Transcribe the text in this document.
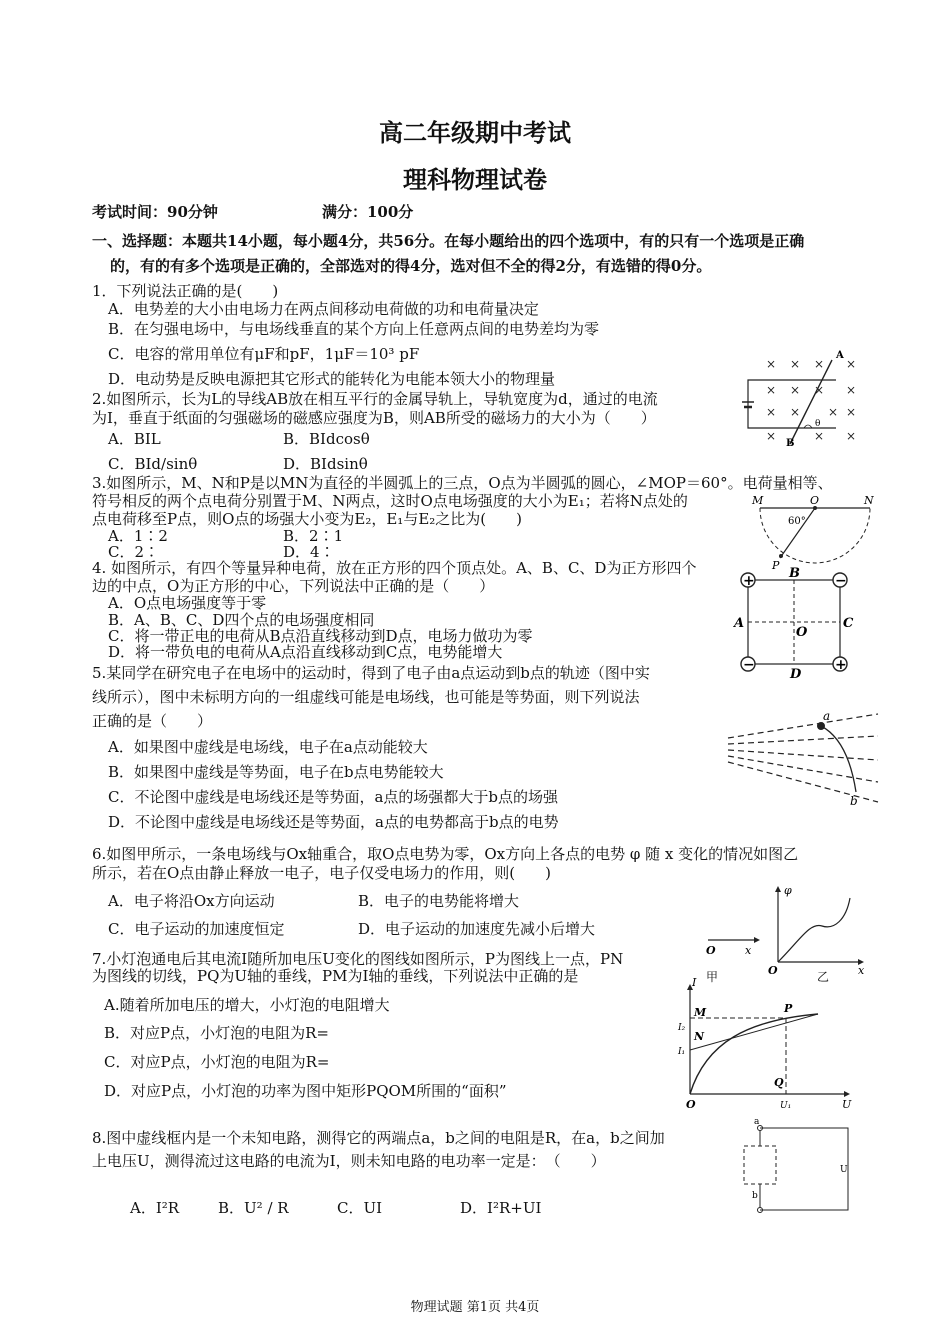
高二年级期中考试
理科物理试卷
考试时间：90分钟	满分：100分
一、选择题：本题共14小题，每小题4分，共56分。在每小题给出的四个选项中，有的只有一个选项是正确
的，有的有多个选项是正确的，全部选对的得4分，选对但不全的得2分，有选错的得0分。
1．下列说法正确的是(　　)
A．电势差的大小由电场力在两点间移动电荷做的功和电荷量决定
B．在匀强电场中，与电场线垂直的某个方向上任意两点间的电势差均为零
C．电容的常用单位有μF和pF，1μF＝10³ pF
D．电动势是反映电源把其它形式的能转化为电能本领大小的物理量
2.如图所示，长为L的导线AB放在相互平行的金属导轨上，导轨宽度为d，通过的电流
为I，垂直于纸面的匀强磁场的磁感应强度为B，则AB所受的磁场力的大小为（　　）
A．BIL	B．BIdcosθ
C．BId/sinθ	D．BIdsinθ
× × × ×
× × × ×
× × × ×
×	× ×
A
B
θ
3.如图所示，M、N和P是以MN为直径的半圆弧上的三点，O点为半圆弧的圆心，∠MOP＝60°。电荷量相等、
符号相反的两个点电荷分别置于M、N两点，这时O点电场强度的大小为E₁；若将N点处的
点电荷移至P点，则O点的场强大小变为E₂，E₁与E₂之比为(　　)
A．1∶2	B．2∶1
C．2∶	D．4∶
M	O	N
P
60°
4. 如图所示，有四个等量异种电荷，放在正方形的四个顶点处。A、B、C、D为正方形四个
边的中点，O为正方形的中心，下列说法中正确的是（　　）
A．O点电场强度等于零
B．A、B、C、D四个点的电场强度相同
C．将一带正电的电荷从B点沿直线移动到D点，电场力做功为零
D．将一带负电的电荷从A点沿直线移动到C点，电势能增大
+	−
−	+
B
A	C
D
O
5.某同学在研究电子在电场中的运动时，得到了电子由a点运动到b点的轨迹（图中实
线所示），图中未标明方向的一组虚线可能是电场线，也可能是等势面，则下列说法
正确的是（　　）
A．如果图中虚线是电场线，电子在a点动能较大
B．如果图中虚线是等势面，电子在b点电势能较大
C．不论图中虚线是电场线还是等势面，a点的场强都大于b点的场强
D．不论图中虚线是电场线还是等势面，a点的电势都高于b点的电势
a
b
6.如图甲所示，一条电场线与Ox轴重合，取O点电势为零，Ox方向上各点的电势 φ 随 x 变化的情况如图乙
所示，若在O点由静止释放一电子，电子仅受电场力的作用，则(　　)
A．电子将沿Ox方向运动	B．电子的电势能将增大
C．电子运动的加速度恒定	D．电子运动的加速度先减小后增大
O	x
O	x
φ
7.小灯泡通电后其电流I随所加电压U变化的图线如图所示，P为图线上一点，PN
为图线的切线，PQ为U轴的垂线，PM为I轴的垂线，下列说法中正确的是
A.随着所加电压的增大，小灯泡的电阻增大
B．对应P点，小灯泡的电阻为R=
C．对应P点，小灯泡的电阻为R=
D．对应P点，小灯泡的功率为图中矩形PQOM所围的“面积”
甲	乙
I
U
O
M
N
P
Q
I₂
I₁
U₁
8.图中虚线框内是一个未知电路，测得它的两端点a，b之间的电阻是R，在a，b之间加
上电压U，测得流过这电路的电流为I，则未知电路的电功率一定是：　（　　）
A．I²R	B．U² / R	C．UI	D．I²R+UI
a
b
U
物理试题 第1页 共4页
